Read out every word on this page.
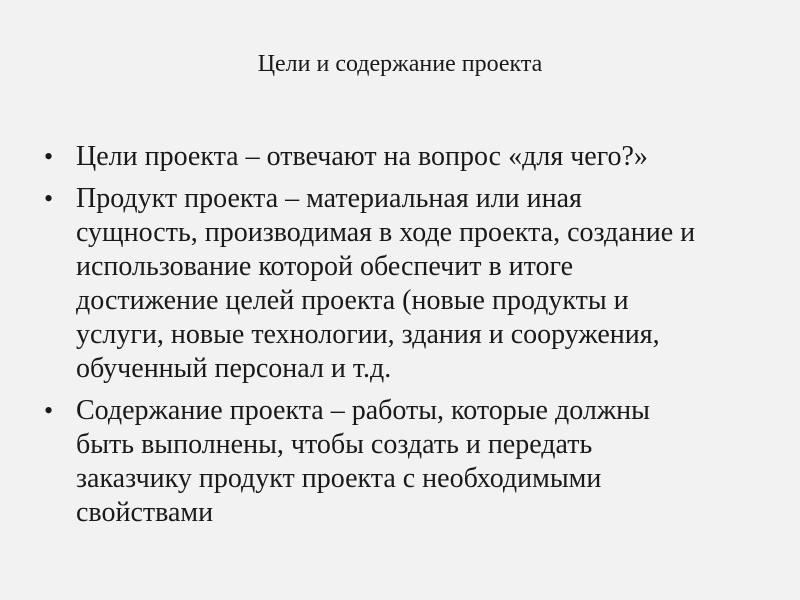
Цели и содержание проекта
• Цели проекта – отвечают на вопрос «для чего?»
• Продукт проекта – материальная или иная
сущность, производимая в ходе проекта, создание и
использование которой обеспечит в итоге
достижение целей проекта (новые продукты и
услуги, новые технологии, здания и сооружения,
обученный персонал и т.д.
• Содержание проекта – работы, которые должны
быть выполнены, чтобы создать и передать
заказчику продукт проекта с необходимыми
свойствами
